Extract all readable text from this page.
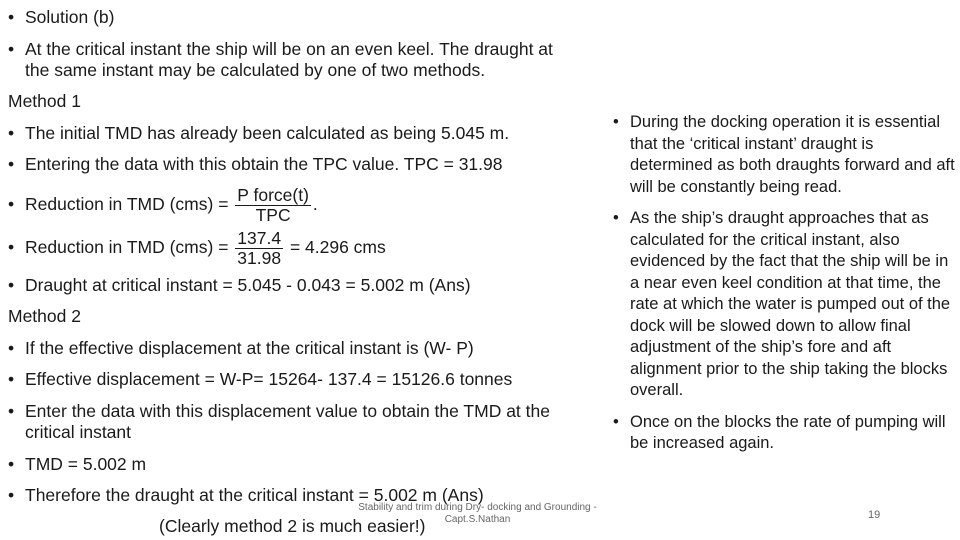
• Solution (b)
• At the critical instant the ship will be on an even keel. The draught at
the same instant may be calculated by one of two methods.
Method 1
• The initial TMD has already been calculated as being 5.045 m.
• Entering the data with this obtain the TPC value. TPC = 31.98
• Reduction in TMD $(cms) = \frac{\text{P force(t)}}{\text{TPC}}$ .
• Reduction in TMD $(cms) = \frac{137.4}{31.98} = 4.296$ cms
• Draught at critical instant = 5.045 - 0.043 = 5.002 m (Ans)
Method 2
• If the effective displacement at the critical instant is (W- P)
• Effective displacement = W-P= 15264- 137.4 = 15126.6 tonnes
• Enter the data with this displacement value to obtain the TMD at the
critical instant
• TMD = 5.002 m
• Therefore the draught at the critical instant = 5.002 m (Ans)
(Clearly method 2 is much easier!)
• During the docking operation it is essential that the ‘critical instant’ draught is determined as both draughts forward and aft will be constantly being read.
• As the ship’s draught approaches that as calculated for the critical instant, also evidenced by the fact that the ship will be in a near even keel condition at that time, the rate at which the water is pumped out of the dock will be slowed down to allow final adjustment of the ship’s fore and aft alignment prior to the ship taking the blocks overall.
• Once on the blocks the rate of pumping will be increased again.
Stability and trim during Dry- docking and Grounding -
Capt.S.Nathan	19
